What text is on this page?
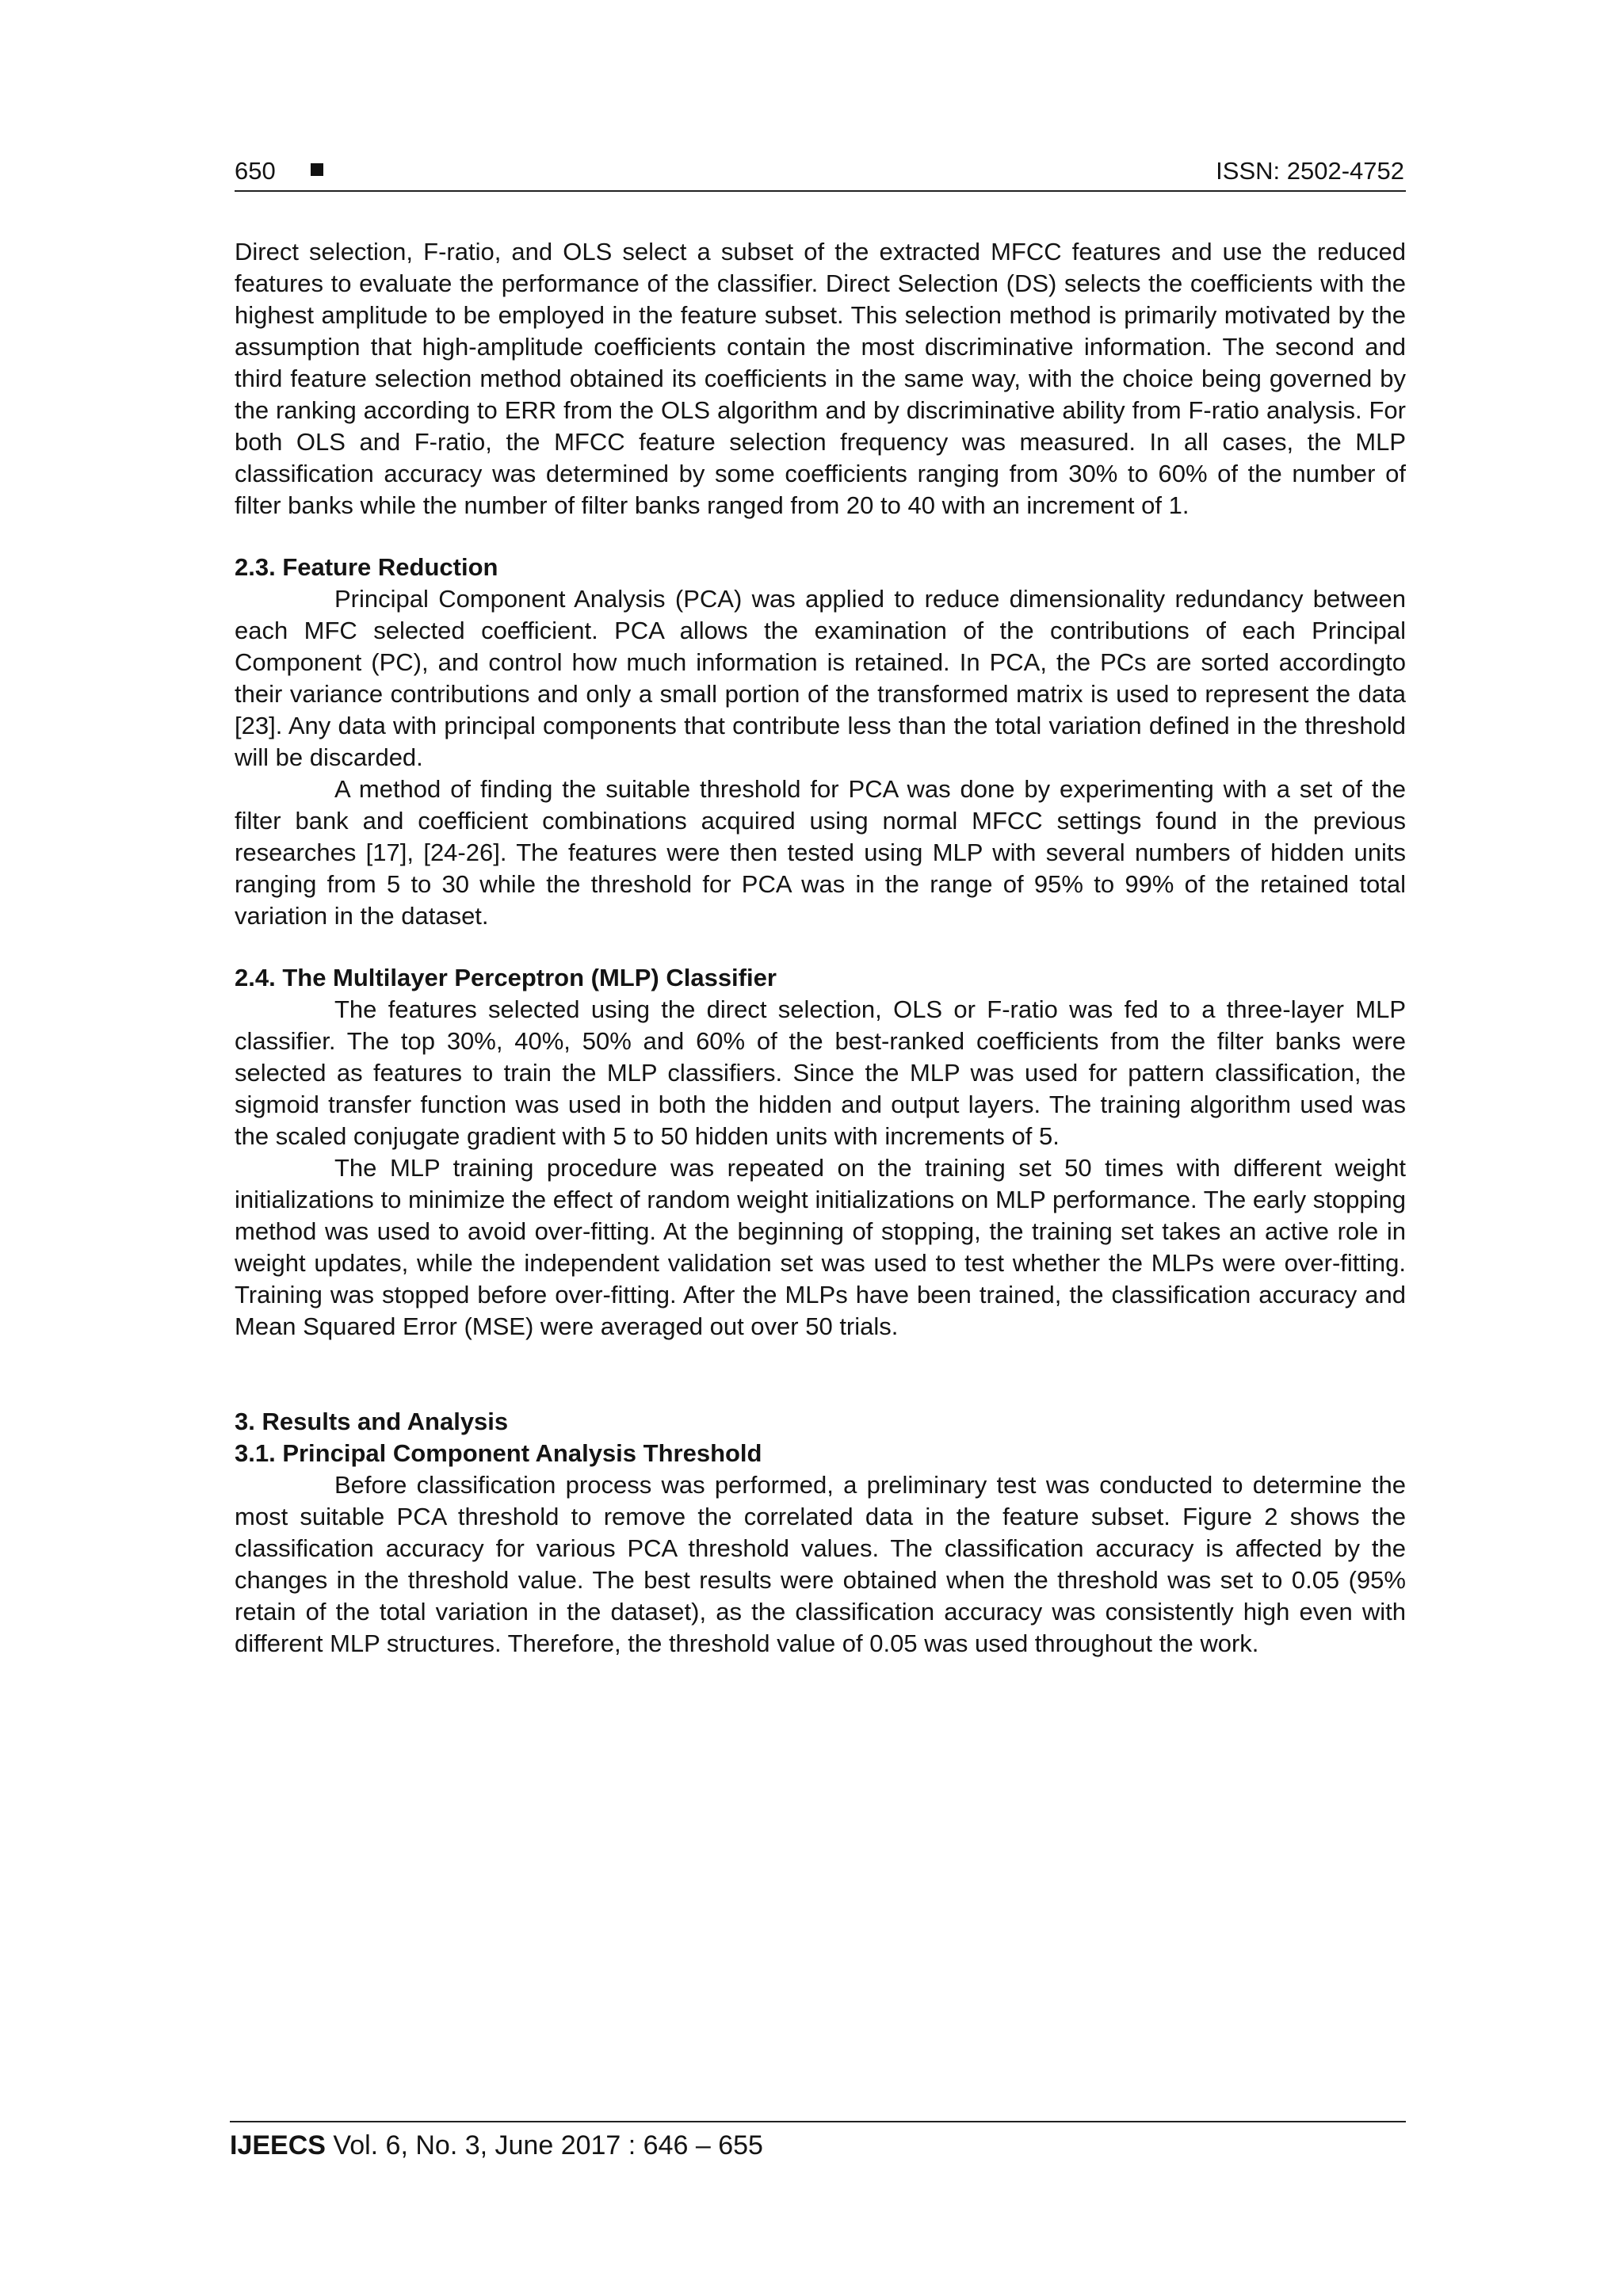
650	ISSN: 2502-4752

Direct selection, F-ratio, and OLS select a subset of the extracted MFCC features and use the reduced features to evaluate the performance of the classifier. Direct Selection (DS) selects the coefficients with the highest amplitude to be employed in the feature subset. This selection method is primarily motivated by the assumption that high-amplitude coefficients contain the most discriminative information. The second and third feature selection method obtained its coefficients in the same way, with the choice being governed by the ranking according to ERR from the OLS algorithm and by discriminative ability from F-ratio analysis. For both OLS and F-ratio, the MFCC feature selection frequency was measured. In all cases, the MLP classification accuracy was determined by some coefficients ranging from 30% to 60% of the number of filter banks while the number of filter banks ranged from 20 to 40 with an increment of 1.

2.3. Feature Reduction

Principal Component Analysis (PCA) was applied to reduce dimensionality redundancy between each MFC selected coefficient. PCA allows the examination of the contributions of each Principal Component (PC), and control how much information is retained. In PCA, the PCs are sorted accordingto their variance contributions and only a small portion of the transformed matrix is used to represent the data [23]. Any data with principal components that contribute less than the total variation defined in the threshold will be discarded.

A method of finding the suitable threshold for PCA was done by experimenting with a set of the filter bank and coefficient combinations acquired using normal MFCC settings found in the previous researches [17], [24-26]. The features were then tested using MLP with several numbers of hidden units ranging from 5 to 30 while the threshold for PCA was in the range of 95% to 99% of the retained total variation in the dataset.

2.4. The Multilayer Perceptron (MLP) Classifier

The features selected using the direct selection, OLS or F-ratio was fed to a three-layer MLP classifier. The top 30%, 40%, 50% and 60% of the best-ranked coefficients from the filter banks were selected as features to train the MLP classifiers. Since the MLP was used for pattern classification, the sigmoid transfer function was used in both the hidden and output layers. The training algorithm used was the scaled conjugate gradient with 5 to 50 hidden units with increments of 5.

The MLP training procedure was repeated on the training set 50 times with different weight initializations to minimize the effect of random weight initializations on MLP performance. The early stopping method was used to avoid over-fitting. At the beginning of stopping, the training set takes an active role in weight updates, while the independent validation set was used to test whether the MLPs were over-fitting. Training was stopped before over-fitting. After the MLPs have been trained, the classification accuracy and Mean Squared Error (MSE) were averaged out over 50 trials.

3. Results and Analysis
3.1. Principal Component Analysis Threshold

Before classification process was performed, a preliminary test was conducted to determine the most suitable PCA threshold to remove the correlated data in the feature subset. Figure 2 shows the classification accuracy for various PCA threshold values. The classification accuracy is affected by the changes in the threshold value. The best results were obtained when the threshold was set to 0.05 (95% retain of the total variation in the dataset), as the classification accuracy was consistently high even with different MLP structures. Therefore, the threshold value of 0.05 was used throughout the work.

IJEECS Vol. 6, No. 3, June 2017 : 646 – 655
